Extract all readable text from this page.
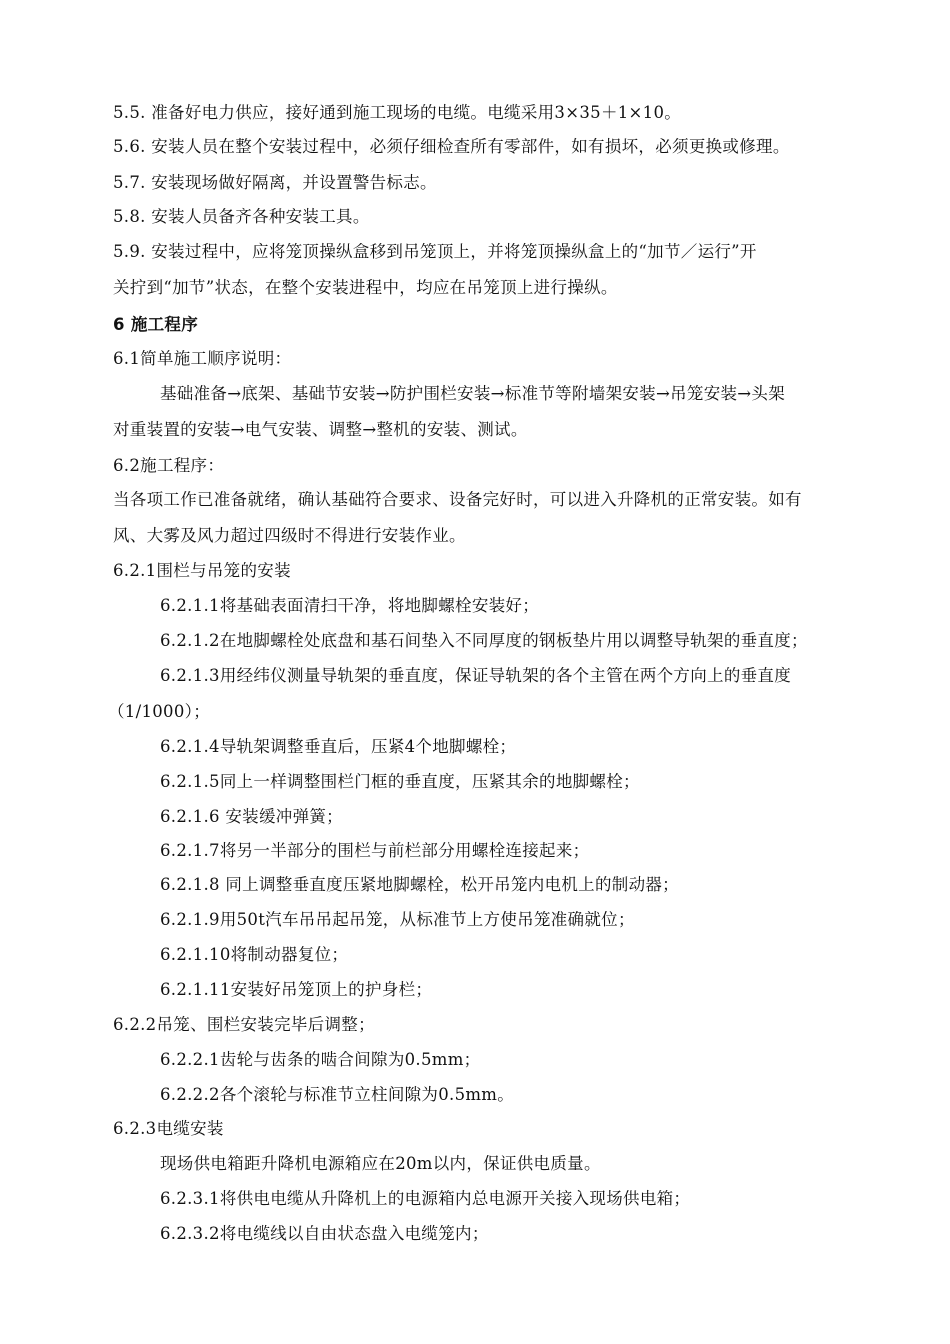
5.5. 准备好电力供应，接好通到施工现场的电缆。电缆采用3×35＋1×10。
5.6. 安装人员在整个安装过程中，必须仔细检查所有零部件，如有损坏，必须更换或修理。
5.7. 安装现场做好隔离，并设置警告标志。
5.8. 安装人员备齐各种安装工具。
5.9. 安装过程中，应将笼顶操纵盒移到吊笼顶上，并将笼顶操纵盒上的“加节／运行”开
关拧到“加节”状态，在整个安装进程中，均应在吊笼顶上进行操纵。
6 施工程序
6.1简单施工顺序说明：
基础准备→底架、基础节安装→防护围栏安装→标准节等附墙架安装→吊笼安装→头架
对重装置的安装→电气安装、调整→整机的安装、测试。
6.2施工程序：
当各项工作已准备就绪，确认基础符合要求、设备完好时，可以进入升降机的正常安装。如有
风、大雾及风力超过四级时不得进行安装作业。
6.2.1围栏与吊笼的安装
6.2.1.1将基础表面清扫干净，将地脚螺栓安装好；
6.2.1.2在地脚螺栓处底盘和基石间垫入不同厚度的钢板垫片用以调整导轨架的垂直度；
6.2.1.3用经纬仪测量导轨架的垂直度，保证导轨架的各个主管在两个方向上的垂直度
（1/1000）；
6.2.1.4导轨架调整垂直后，压紧4个地脚螺栓；
6.2.1.5同上一样调整围栏门框的垂直度，压紧其余的地脚螺栓；
6.2.1.6 安装缓冲弹簧；
6.2.1.7将另一半部分的围栏与前栏部分用螺栓连接起来；
6.2.1.8 同上调整垂直度压紧地脚螺栓，松开吊笼内电机上的制动器；
6.2.1.9用50t汽车吊吊起吊笼，从标准节上方使吊笼准确就位；
6.2.1.10将制动器复位；
6.2.1.11安装好吊笼顶上的护身栏；
6.2.2吊笼、围栏安装完毕后调整；
6.2.2.1齿轮与齿条的啮合间隙为0.5mm；
6.2.2.2各个滚轮与标准节立柱间隙为0.5mm。
6.2.3电缆安装
现场供电箱距升降机电源箱应在20m以内，保证供电质量。
6.2.3.1将供电电缆从升降机上的电源箱内总电源开关接入现场供电箱；
6.2.3.2将电缆线以自由状态盘入电缆笼内；
